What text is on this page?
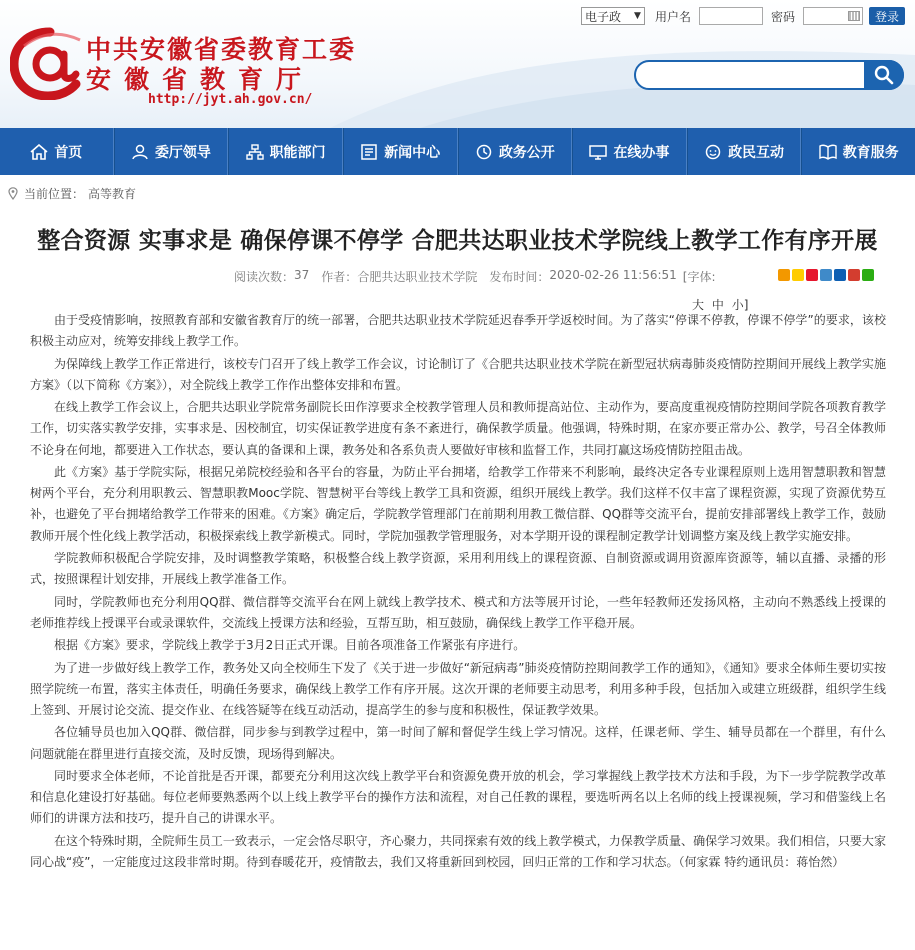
中共安徽省委教育工委
安徽省教育厅
http://jyt.ah.gov.cn/
电子政 ▼ 用户名	密码	登录
首页	委厅领导	职能部门	新闻中心	政务公开	在线办事	政民互动	教育服务
当前位置： 高等教育
整合资源 实事求是 确保停课不停学 合肥共达职业技术学院线上教学工作有序开展
阅读次数： 37 作者： 合肥共达职业技术学院 发布时间： 2020-02-26 11:56:51 [字体:
大 中 小]

由于受疫情影响，按照教育部和安徽省教育厅的统一部署，合肥共达职业技术学院延迟春季开学返校时间。为了落实“停课不停教，停课不停学”的要求，该校积极主动应对，统筹安排线上教学工作。

为保障线上教学工作正常进行，该校专门召开了线上教学工作会议，讨论制订了《合肥共达职业技术学院在新型冠状病毒肺炎疫情防控期间开展线上教学实施方案》（以下简称《方案》），对全院线上教学工作作出整体安排和布置。

在线上教学工作会议上，合肥共达职业学院常务副院长田作淳要求全校教学管理人员和教师提高站位、主动作为，要高度重视疫情防控期间学院各项教育教学工作，切实落实教学安排，实事求是、因校制宜，切实保证教学进度有条不紊进行，确保教学质量。他强调，特殊时期，在家亦要正常办公、教学，号召全体教师不论身在何地，都要进入工作状态，要认真的备课和上课，教务处和各系负责人要做好审核和监督工作，共同打赢这场疫情防控阻击战。

此《方案》基于学院实际，根据兄弟院校经验和各平台的容量，为防止平台拥堵，给教学工作带来不利影响，最终决定各专业课程原则上选用智慧职教和智慧树两个平台，充分利用职教云、智慧职教Mooc学院、智慧树平台等线上教学工具和资源，组织开展线上教学。我们这样不仅丰富了课程资源，实现了资源优势互补，也避免了平台拥堵给教学工作带来的困难。《方案》确定后，学院教学管理部门在前期利用教工微信群、QQ群等交流平台，提前安排部署线上教学工作，鼓励教师开展个性化线上教学活动，积极探索线上教学新模式。同时，学院加强教学管理服务，对本学期开设的课程制定教学计划调整方案及线上教学实施安排。

学院教师积极配合学院安排，及时调整教学策略，积极整合线上教学资源，采用利用线上的课程资源、自制资源或调用资源库资源等，辅以直播、录播的形式，按照课程计划安排，开展线上教学准备工作。

同时，学院教师也充分利用QQ群、微信群等交流平台在网上就线上教学技术、模式和方法等展开讨论，一些年轻教师还发扬风格，主动向不熟悉线上授课的老师推荐线上授课平台或录课软件，交流线上授课方法和经验，互帮互助，相互鼓励，确保线上教学工作平稳开展。

根据《方案》要求，学院线上教学于3月2日正式开课。目前各项准备工作紧张有序进行。

为了进一步做好线上教学工作，教务处又向全校师生下发了《关于进一步做好“新冠病毒”肺炎疫情防控期间教学工作的通知》，《通知》要求全体师生要切实按照学院统一布置，落实主体责任，明确任务要求，确保线上教学工作有序开展。这次开课的老师要主动思考，利用多种手段，包括加入或建立班级群，组织学生线上签到、开展讨论交流、提交作业、在线答疑等在线互动活动，提高学生的参与度和积极性，保证教学效果。

各位辅导员也加入QQ群、微信群，同步参与到教学过程中，第一时间了解和督促学生线上学习情况。这样，任课老师、学生、辅导员都在一个群里，有什么问题就能在群里进行直接交流，及时反馈，现场得到解决。

同时要求全体老师，不论首批是否开课，都要充分利用这次线上教学平台和资源免费开放的机会，学习掌握线上教学技术方法和手段，为下一步学院教学改革和信息化建设打好基础。每位老师要熟悉两个以上线上教学平台的操作方法和流程，对自己任教的课程，要选听两名以上名师的线上授课视频，学习和借鉴线上名师们的讲课方法和技巧，提升自己的讲课水平。

在这个特殊时期，全院师生员工一致表示，一定会恪尽职守，齐心聚力，共同探索有效的线上教学模式，力保教学质量、确保学习效果。我们相信，只要大家同心战“疫”，一定能度过这段非常时期。待到春暖花开，疫情散去，我们又将重新回到校园，回归正常的工作和学习状态。（何家霖 特约通讯员：蒋怡然）
